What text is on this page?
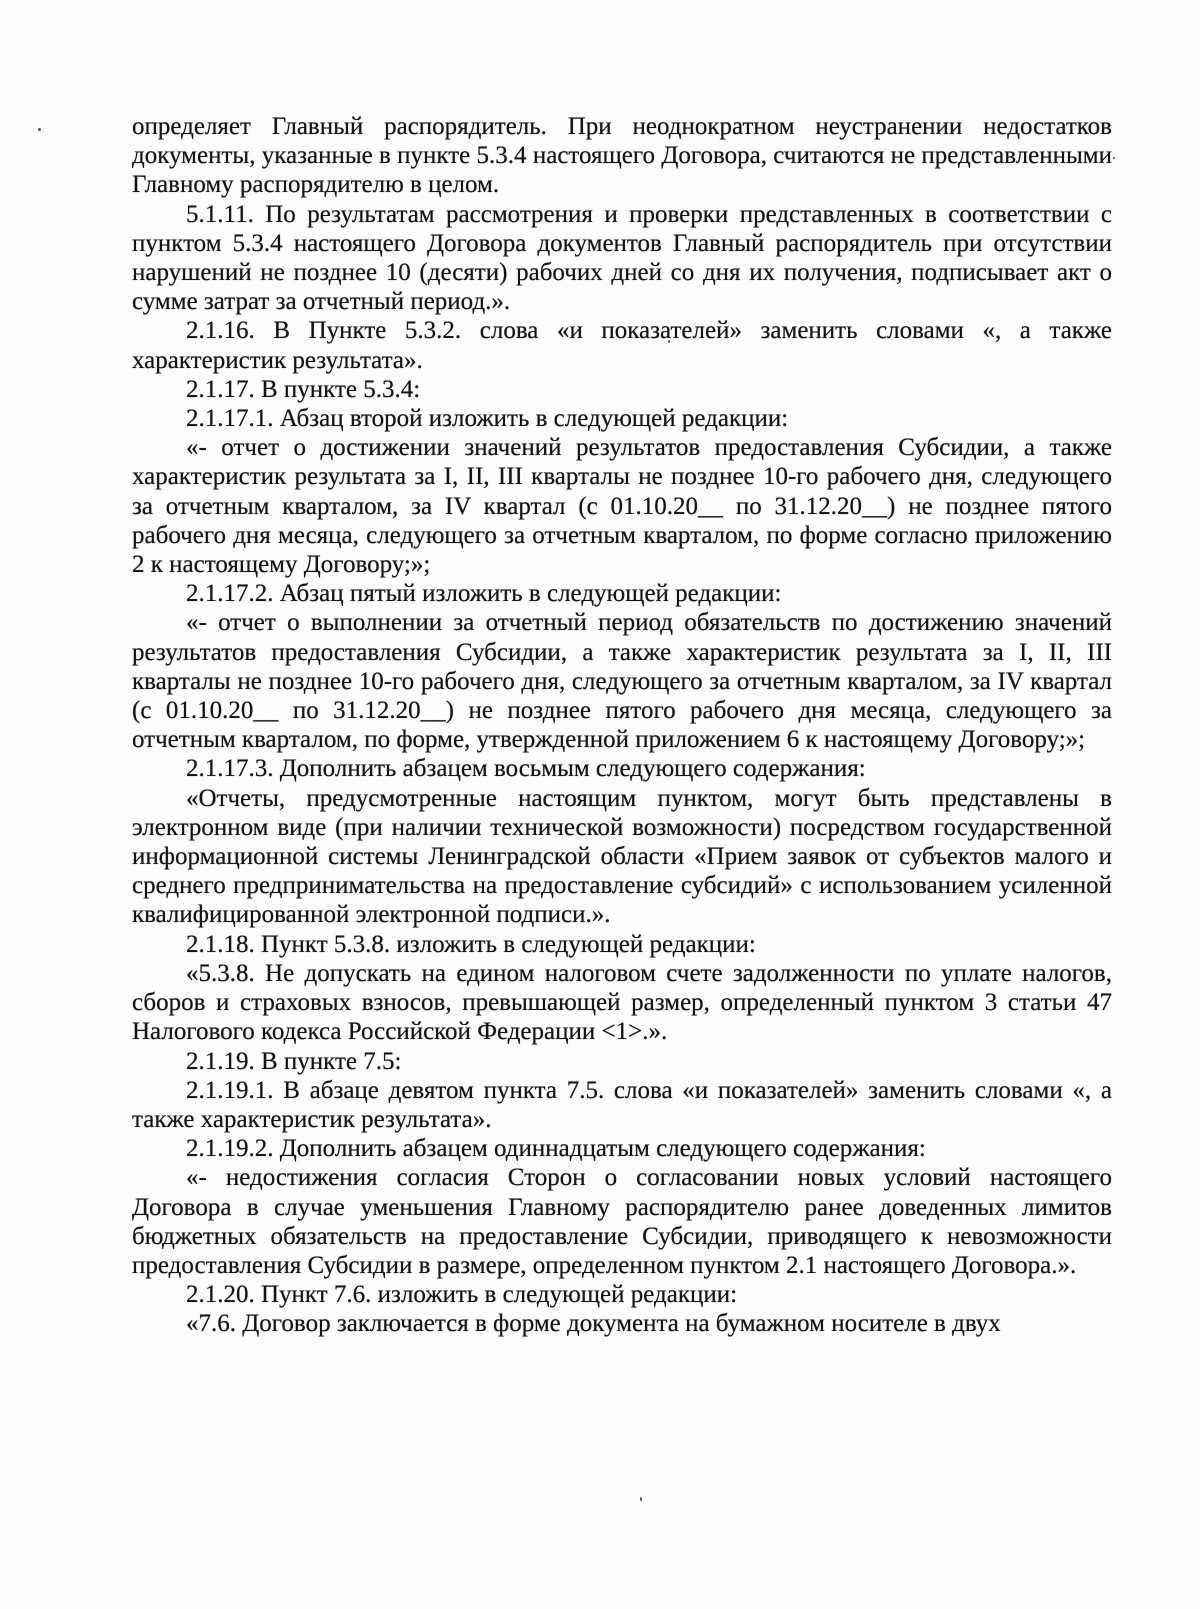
определяет Главный распорядитель. При неоднократном неустранении недостатков документы, указанные в пункте 5.3.4 настоящего Договора, считаются не представленными Главному распорядителю в целом.

5.1.11. По результатам рассмотрения и проверки представленных в соответствии с пунктом 5.3.4 настоящего Договора документов Главный распорядитель при отсутствии нарушений не позднее 10 (десяти) рабочих дней со дня их получения, подписывает акт о сумме затрат за отчетный период.».

2.1.16. В Пункте 5.3.2. слова «и показателей» заменить словами «, а также характеристик результата».

2.1.17. В пункте 5.3.4:

2.1.17.1. Абзац второй изложить в следующей редакции:

«- отчет о достижении значений результатов предоставления Субсидии, а также характеристик результата за I, II, III кварталы не позднее 10-го рабочего дня, следующего за отчетным кварталом, за IV квартал (с 01.10.20__ по 31.12.20__) не позднее пятого рабочего дня месяца, следующего за отчетным кварталом, по форме согласно приложению 2 к настоящему Договору;»;

2.1.17.2. Абзац пятый изложить в следующей редакции:

«- отчет о выполнении за отчетный период обязательств по достижению значений результатов предоставления Субсидии, а также характеристик результата за I, II, III кварталы не позднее 10-го рабочего дня, следующего за отчетным кварталом, за IV квартал (с 01.10.20__ по 31.12.20__) не позднее пятого рабочего дня месяца, следующего за отчетным кварталом, по форме, утвержденной приложением 6 к настоящему Договору;»;

2.1.17.3. Дополнить абзацем восьмым следующего содержания:

«Отчеты, предусмотренные настоящим пунктом, могут быть представлены в электронном виде (при наличии технической возможности) посредством государственной информационной системы Ленинградской области «Прием заявок от субъектов малого и среднего предпринимательства на предоставление субсидий» с использованием усиленной квалифицированной электронной подписи.».

2.1.18. Пункт 5.3.8. изложить в следующей редакции:

«5.3.8. Не допускать на едином налоговом счете задолженности по уплате налогов, сборов и страховых взносов, превышающей размер, определенный пунктом 3 статьи 47 Налогового кодекса Российской Федерации <1>.».

2.1.19. В пункте 7.5:

2.1.19.1. В абзаце девятом пункта 7.5. слова «и показателей» заменить словами «, а также характеристик результата».

2.1.19.2. Дополнить абзацем одиннадцатым следующего содержания:

«- недостижения согласия Сторон о согласовании новых условий настоящего Договора в случае уменьшения Главному распорядителю ранее доведенных лимитов бюджетных обязательств на предоставление Субсидии, приводящего к невозможности предоставления Субсидии в размере, определенном пунктом 2.1 настоящего Договора.».

2.1.20. Пункт 7.6. изложить в следующей редакции:

«7.6. Договор заключается в форме документа на бумажном носителе в двух
